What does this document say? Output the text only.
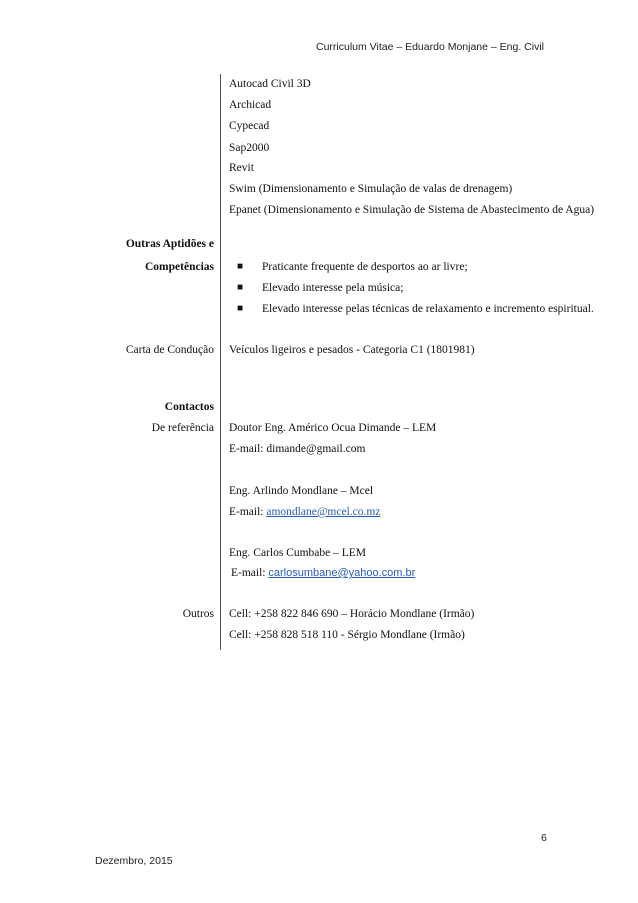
Curriculum Vitae – Eduardo Monjane – Eng. Civil
Autocad Civil 3D
Archicad
Cypecad
Sap2000
Revit
Swim (Dimensionamento e Simulação de valas de drenagem)
Epanet (Dimensionamento e Simulação de Sistema de Abastecimento de Agua)
Outras Aptidões e
Competências ■ Praticante frequente de desportos ao ar livre;
■ Elevado interesse pela música;
■ Elevado interesse pelas técnicas de relaxamento e incremento espiritual.
Carta de Condução Veículos ligeiros e pesados - Categoria C1 (1801981)
Contactos
De referência Doutor Eng. Américo Ocua Dimande – LEM
E-mail: dimande@gmail.com
Eng. Arlindo Mondlane – Mcel
E-mail: amondlane@mcel.co.mz
Eng. Carlos Cumbabe – LEM
E-mail: carlosumbane@yahoo.com.br
Outros Cell: +258 822 846 690 – Horácio Mondlane (Irmão)
Cell: +258 828 518 110 - Sérgio Mondlane (Irmão)
6
Dezembro, 2015
